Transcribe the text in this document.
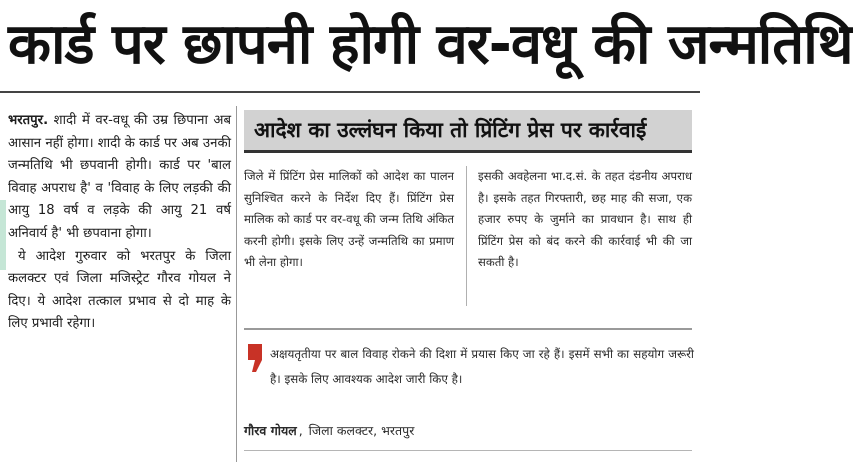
कार्ड पर छापनी होगी वर-वधू की जन्मतिथि

भरतपुर. शादी में वर-वधू की उम्र छिपाना अब आसान नहीं होगा। शादी के कार्ड पर अब उनकी जन्मतिथि भी छपवानी होगी। कार्ड पर 'बाल विवाह अपराध है' व 'विवाह के लिए लड़की की आयु 18 वर्ष व लड़के की आयु 21 वर्ष अनिवार्य है' भी छपवाना होगा।

ये आदेश गुरुवार को भरतपुर के जिला कलक्टर एवं जिला मजिस्ट्रेट गौरव गोयल ने दिए। ये आदेश तत्काल प्रभाव से दो माह के लिए प्रभावी रहेगा।

आदेश का उल्लंघन किया तो प्रिंटिंग प्रेस पर कार्रवाई
जिले में प्रिंटिंग प्रेस मालिकों को आदेश का पालन सुनिश्चित करने के निर्देश दिए हैं। प्रिंटिंग प्रेस मालिक को कार्ड पर वर-वधू की जन्म तिथि अंकित करनी होगी। इसके लिए उन्हें जन्मतिथि का प्रमाण भी लेना होगा।
इसकी अवहेलना भा.द.सं. के तहत दंडनीय अपराध है। इसके तहत गिरफ्तारी, छह माह की सजा, एक हजार रुपए के जुर्माने का प्रावधान है। साथ ही प्रिंटिंग प्रेस को बंद करने की कार्रवाई भी की जा सकती है।
अक्षयतृतीया पर बाल विवाह रोकने की दिशा में प्रयास किए जा रहे हैं। इसमें सभी का सहयोग जरूरी है। इसके लिए आवश्यक आदेश जारी किए है।
गौरव गोयल , जिला कलक्टर, भरतपुर
